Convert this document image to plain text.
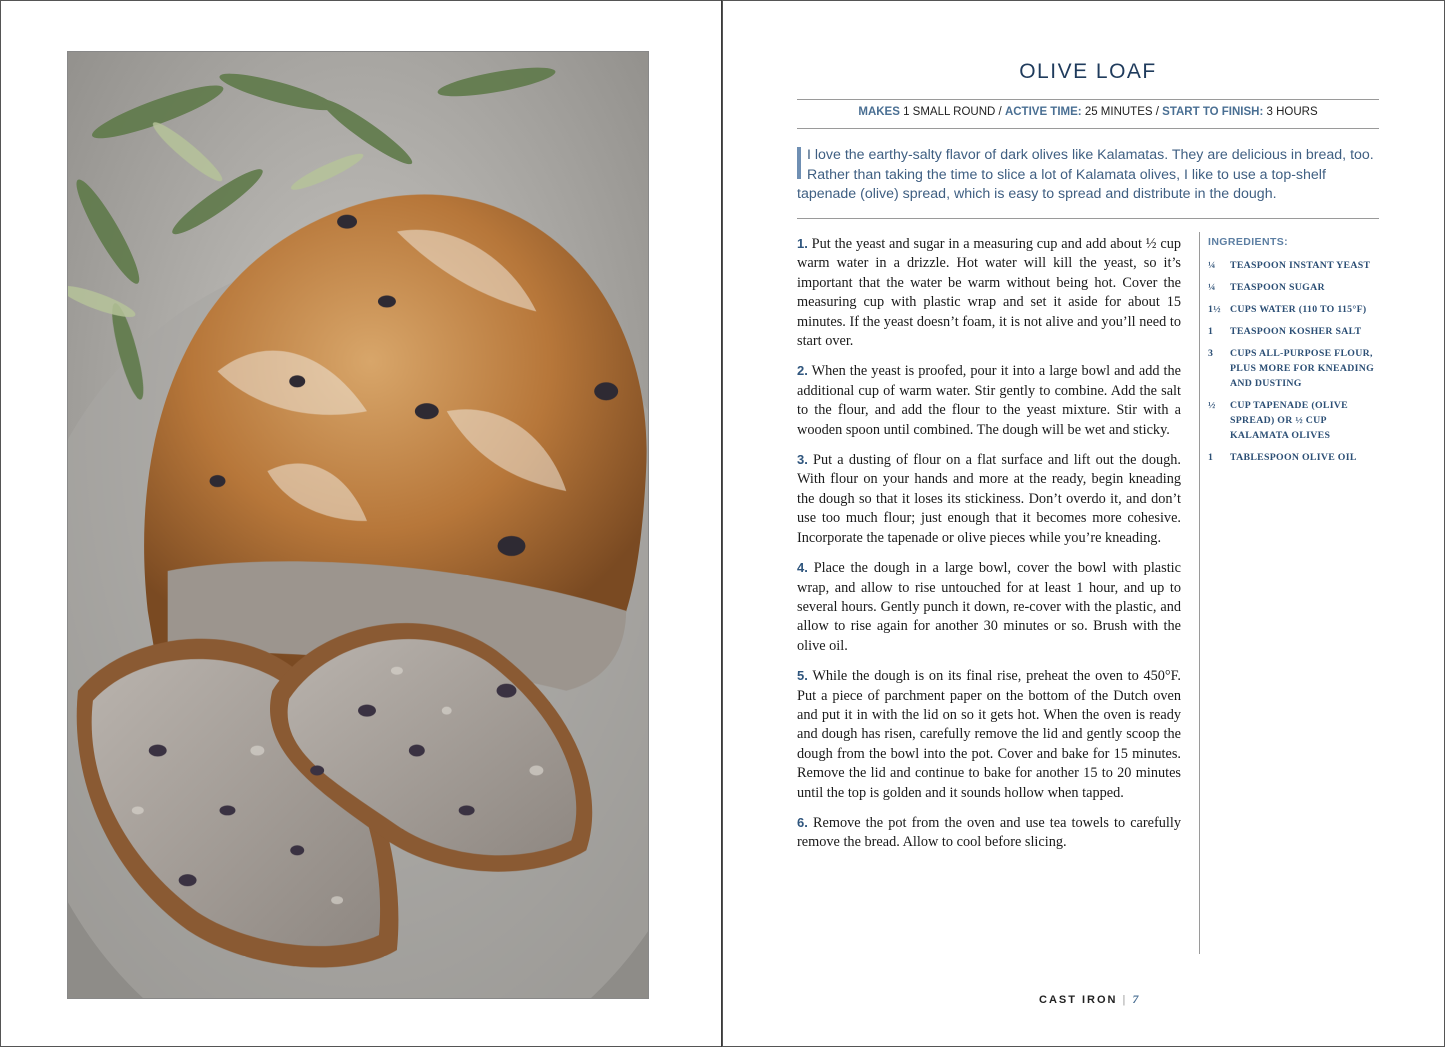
OLIVE LOAF
MAKES 1 SMALL ROUND / ACTIVE TIME: 25 MINUTES / START TO FINISH: 3 HOURS

I love the earthy-salty flavor of dark olives like Kalamatas. They are delicious in bread, too. Rather than taking the time to slice a lot of Kalamata olives, I like to use a top-shelf tapenade (olive) spread, which is easy to spread and distribute in the dough.

1. Put the yeast and sugar in a measuring cup and add about ½ cup warm water in a drizzle. Hot water will kill the yeast, so it’s important that the water be warm without being hot. Cover the measuring cup with plastic wrap and set it aside for about 15 minutes. If the yeast doesn’t foam, it is not alive and you’ll need to start over.

2. When the yeast is proofed, pour it into a large bowl and add the additional cup of warm water. Stir gently to combine. Add the salt to the flour, and add the flour to the yeast mixture. Stir with a wooden spoon until combined. The dough will be wet and sticky.

3. Put a dusting of flour on a flat surface and lift out the dough. With flour on your hands and more at the ready, begin kneading the dough so that it loses its stickiness. Don’t overdo it, and don’t use too much flour; just enough that it becomes more cohesive. Incorporate the tapenade or olive pieces while you’re kneading.

4. Place the dough in a large bowl, cover the bowl with plastic wrap, and allow to rise untouched for at least 1 hour, and up to several hours. Gently punch it down, re-cover with the plastic, and allow to rise again for another 30 minutes or so. Brush with the olive oil.

5. While the dough is on its final rise, preheat the oven to 450°F. Put a piece of parchment paper on the bottom of the Dutch oven and put it in with the lid on so it gets hot. When the oven is ready and dough has risen, carefully remove the lid and gently scoop the dough from the bowl into the pot. Cover and bake for 15 minutes. Remove the lid and continue to bake for another 15 to 20 minutes until the top is golden and it sounds hollow when tapped.

6. Remove the pot from the oven and use tea towels to carefully remove the bread. Allow to cool before slicing.

INGREDIENTS:
¼	TEASPOON INSTANT YEAST
¼	TEASPOON SUGAR
1½ CUPS WATER (110 TO 115°F)
1	TEASPOON KOSHER SALT
3	CUPS ALL-PURPOSE FLOUR, PLUS MORE FOR KNEADING AND DUSTING
½	CUP TAPENADE (OLIVE SPREAD) OR ½ CUP KALAMATA OLIVES
1	TABLESPOON OLIVE OIL
CAST IRON | 7
